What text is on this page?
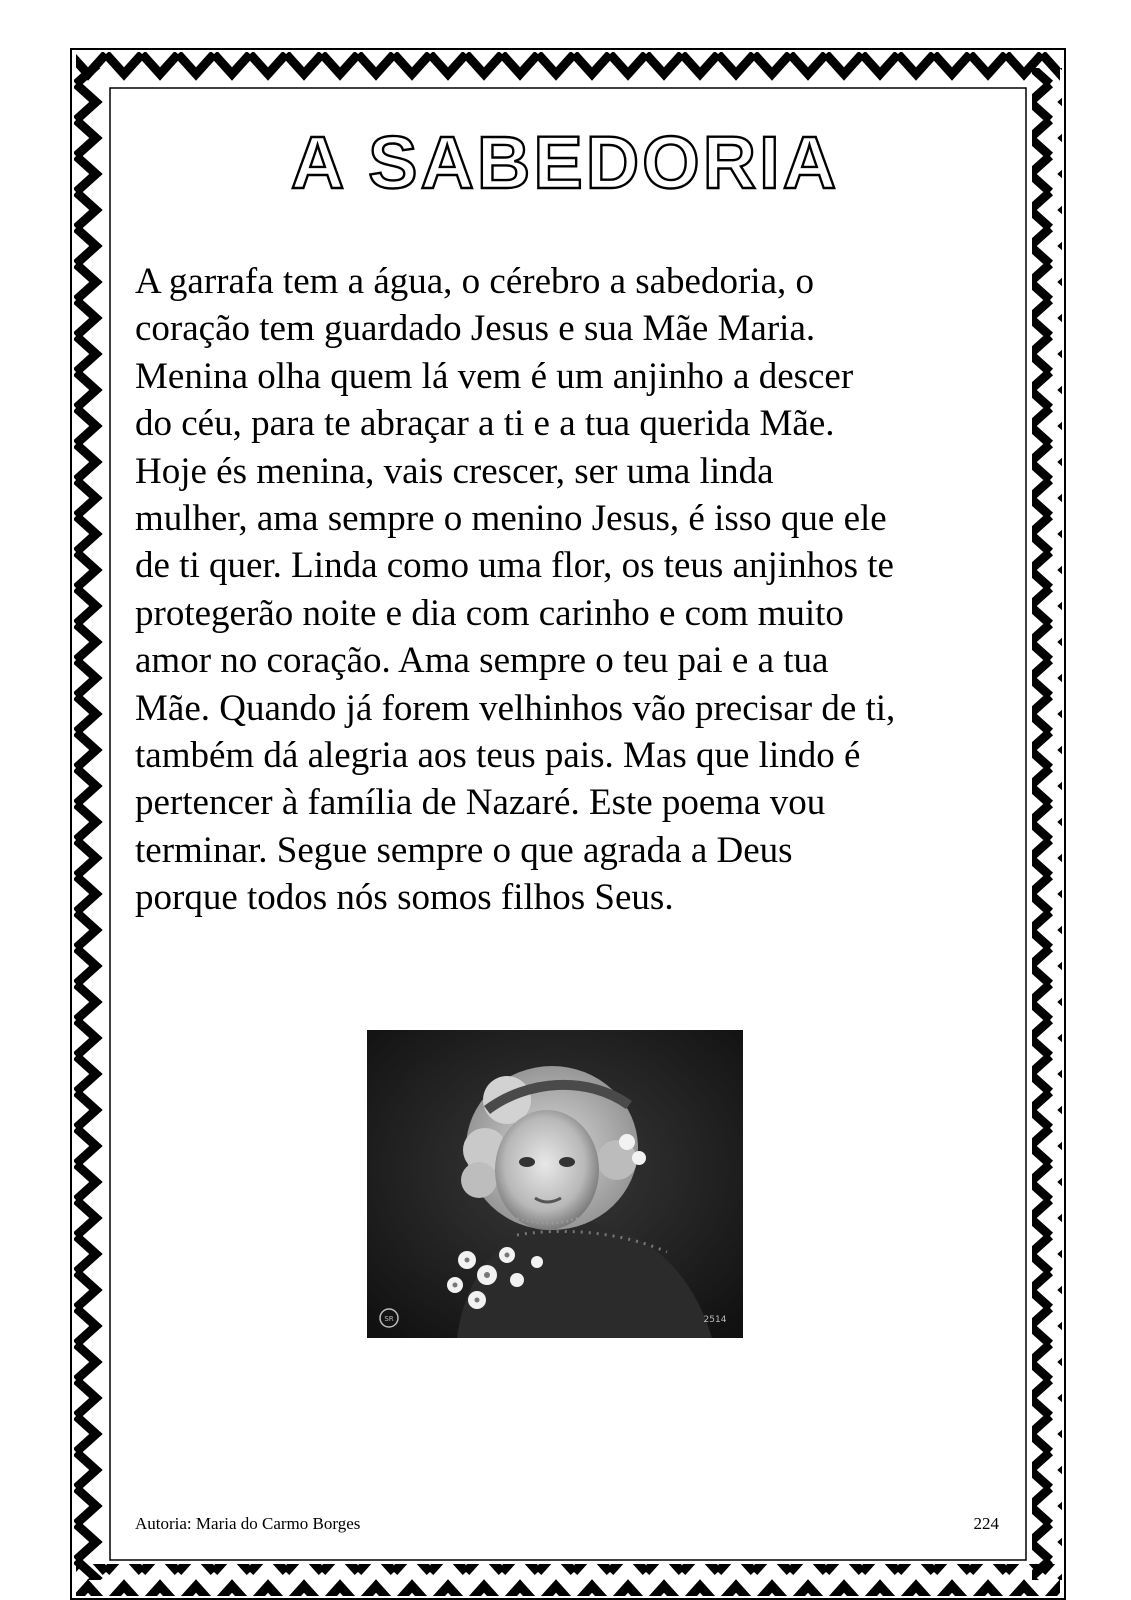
A SABEDORIA
A garrafa tem a água, o cérebro a sabedoria, o
coração tem guardado Jesus e sua Mãe Maria.
Menina olha quem lá vem é um anjinho a descer
do céu, para te abraçar a ti e a tua querida Mãe.
Hoje és menina, vais crescer, ser uma linda
mulher, ama sempre o menino Jesus, é isso que ele
de ti quer. Linda como uma flor, os teus anjinhos te
protegerão noite e dia com carinho e com muito
amor no coração. Ama sempre o teu pai e a tua
Mãe. Quando já forem velhinhos vão precisar de ti,
também dá alegria aos teus pais. Mas que lindo é
pertencer à família de Nazaré. Este poema vou
terminar. Segue sempre o que agrada a Deus
porque todos nós somos filhos Seus.
SR	2514
Autoria: Maria do Carmo Borges	224
